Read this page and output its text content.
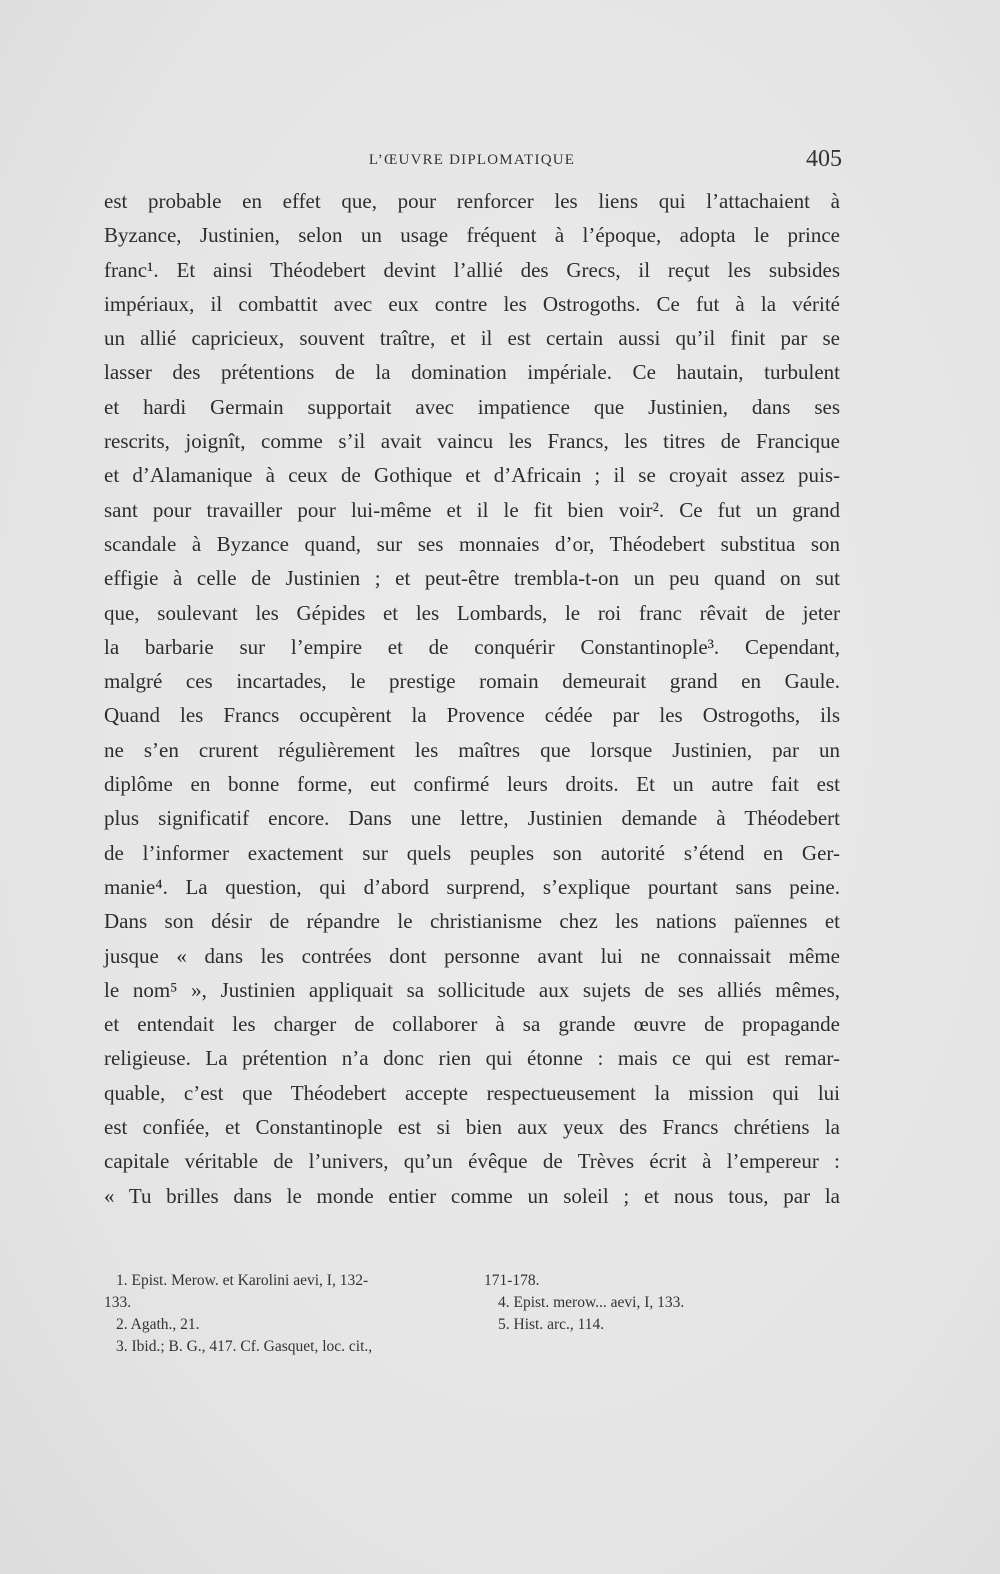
L’ŒUVRE DIPLOMATIQUE	405
est probable en effet que, pour renforcer les liens qui l’attachaient à
Byzance, Justinien, selon un usage fréquent à l’époque, adopta le prince
franc¹. Et ainsi Théodebert devint l’allié des Grecs, il reçut les subsides
impériaux, il combattit avec eux contre les Ostrogoths. Ce fut à la vérité
un allié capricieux, souvent traître, et il est certain aussi qu’il finit par se
lasser des prétentions de la domination impériale. Ce hautain, turbulent
et hardi Germain supportait avec impatience que Justinien, dans ses
rescrits, joignît, comme s’il avait vaincu les Francs, les titres de Francique
et d’Alamanique à ceux de Gothique et d’Africain ; il se croyait assez puis-
sant pour travailler pour lui-même et il le fit bien voir². Ce fut un grand
scandale à Byzance quand, sur ses monnaies d’or, Théodebert substitua son
effigie à celle de Justinien ; et peut-être trembla-t-on un peu quand on sut
que, soulevant les Gépides et les Lombards, le roi franc rêvait de jeter
la barbarie sur l’empire et de conquérir Constantinople³. Cependant,
malgré ces incartades, le prestige romain demeurait grand en Gaule.
Quand les Francs occupèrent la Provence cédée par les Ostrogoths, ils
ne s’en crurent régulièrement les maîtres que lorsque Justinien, par un
diplôme en bonne forme, eut confirmé leurs droits. Et un autre fait est
plus significatif encore. Dans une lettre, Justinien demande à Théodebert
de l’informer exactement sur quels peuples son autorité s’étend en Ger-
manie⁴. La question, qui d’abord surprend, s’explique pourtant sans peine.
Dans son désir de répandre le christianisme chez les nations païennes et
jusque « dans les contrées dont personne avant lui ne connaissait même
le nom⁵ », Justinien appliquait sa sollicitude aux sujets de ses alliés mêmes,
et entendait les charger de collaborer à sa grande œuvre de propagande
religieuse. La prétention n’a donc rien qui étonne : mais ce qui est remar-
quable, c’est que Théodebert accepte respectueusement la mission qui lui
est confiée, et Constantinople est si bien aux yeux des Francs chrétiens la
capitale véritable de l’univers, qu’un évêque de Trèves écrit à l’empereur :
« Tu brilles dans le monde entier comme un soleil ; et nous tous, par la
1. Epist. Merow. et Karolini aevi, I, 132-
133.
2. Agath., 21.
3. Ibid.; B. G., 417. Cf. Gasquet, loc. cit.,
171-178.
4. Epist. merow... aevi, I, 133.
5. Hist. arc., 114.
